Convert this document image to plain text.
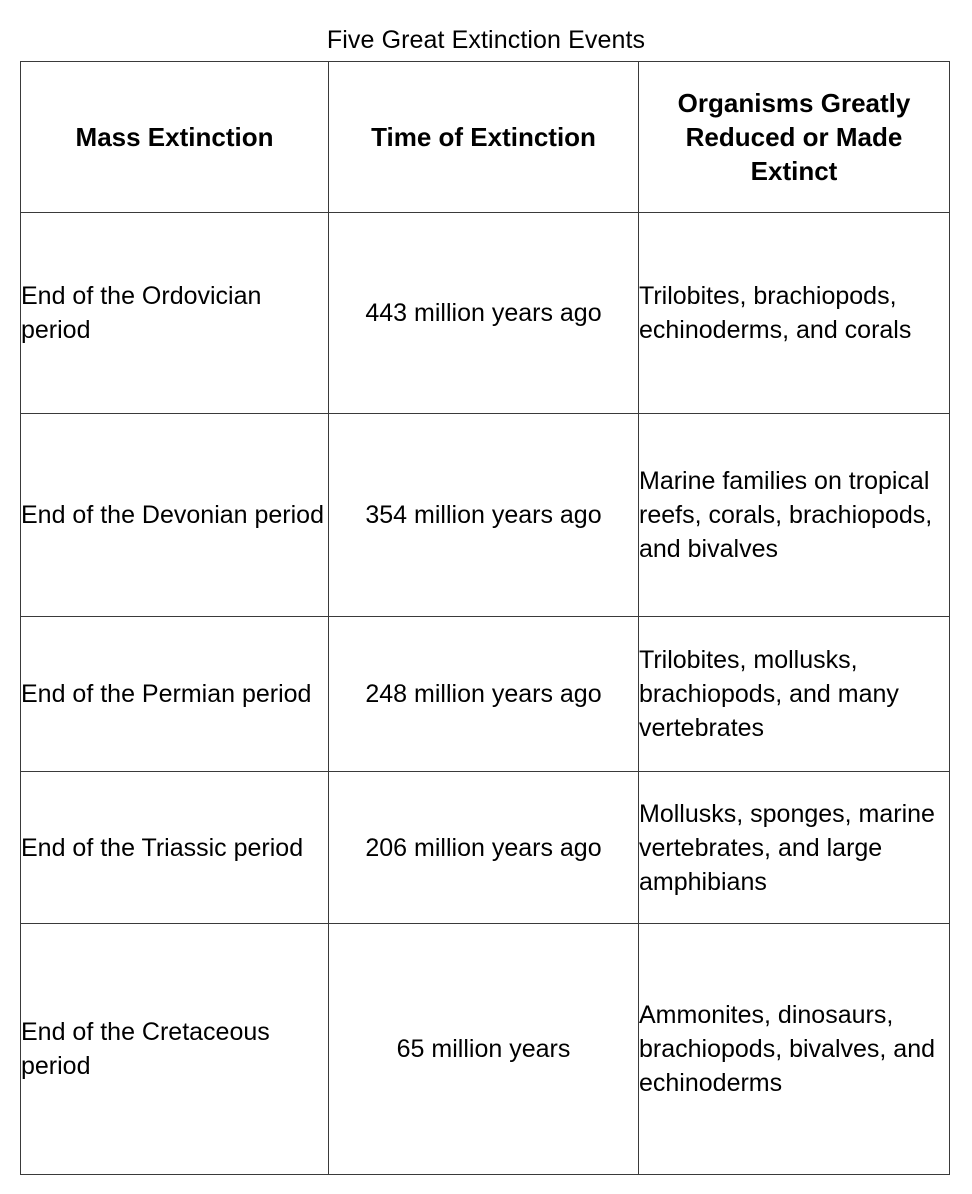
Five Great Extinction Events
Mass Extinction	Time of Extinction	Organisms Greatly Reduced or Made Extinct
End of the Ordovician period	443 million years ago	Trilobites, brachiopods, echinoderms, and corals
End of the Devonian period	354 million years ago	Marine families on tropical reefs, corals, brachiopods, and bivalves
End of the Permian period	248 million years ago	Trilobites, mollusks, brachiopods, and many vertebrates
End of the Triassic period	206 million years ago	Mollusks, sponges, marine vertebrates, and large amphibians
End of the Cretaceous period	65 million years	Ammonites, dinosaurs, brachiopods, bivalves, and echinoderms
